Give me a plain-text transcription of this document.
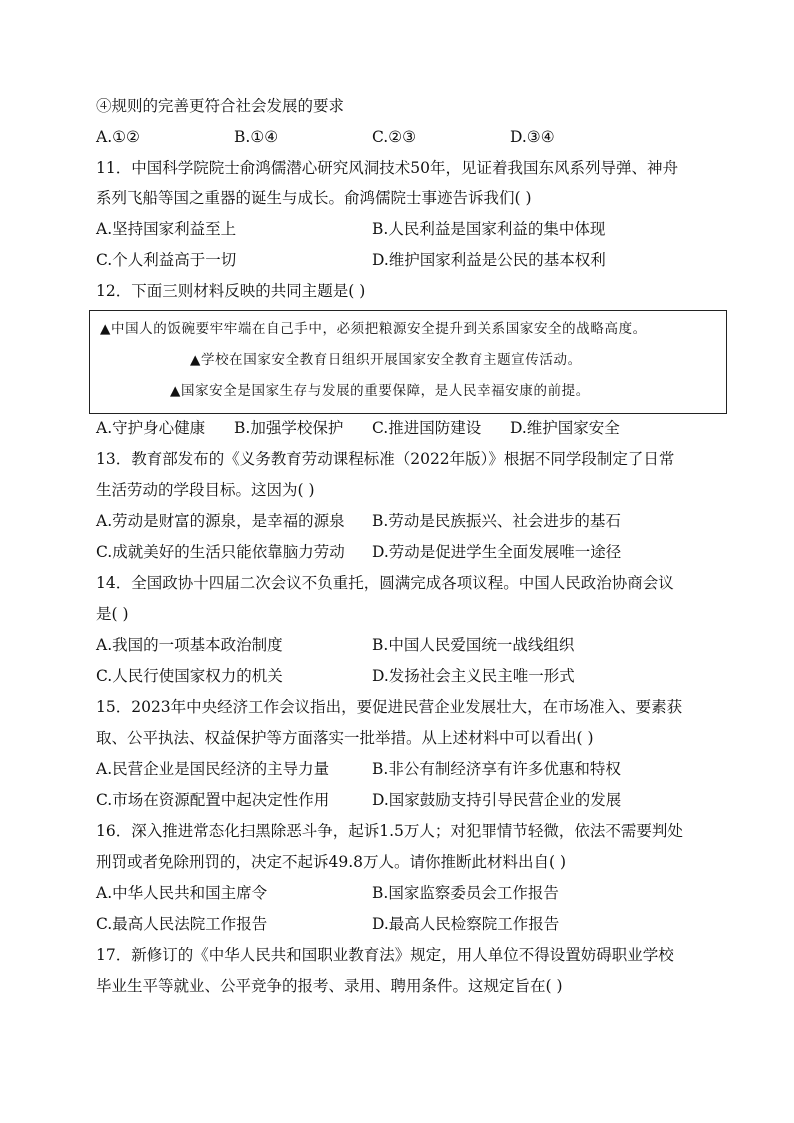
④规则的完善更符合社会发展的要求
A.①②	B.①④	C.②③	D.③④
11．中国科学院院士俞鸿儒潜心研究风洞技术50年，见证着我国东风系列导弹、神舟
系列飞船等国之重器的诞生与成长。俞鸿儒院士事迹告诉我们( )
A.坚持国家利益至上	B.人民利益是国家利益的集中体现
C.个人利益高于一切	D.维护国家利益是公民的基本权利
12．下面三则材料反映的共同主题是( )
▲中国人的饭碗要牢牢端在自己手中，必须把粮源安全提升到关系国家安全的战略高度。
▲学校在国家安全教育日组织开展国家安全教育主题宣传活动。
▲国家安全是国家生存与发展的重要保障，是人民幸福安康的前提。
A.守护身心健康 B.加强学校保护 C.推进国防建设 D.维护国家安全
13．教育部发布的《义务教育劳动课程标准（2022年版）》根据不同学段制定了日常
生活劳动的学段目标。这因为( )
A.劳动是财富的源泉，是幸福的源泉 B.劳动是民族振兴、社会进步的基石
C.成就美好的生活只能依靠脑力劳动 D.劳动是促进学生全面发展唯一途径
14．全国政协十四届二次会议不负重托，圆满完成各项议程。中国人民政治协商会议
是( )
A.我国的一项基本政治制度	B.中国人民爱国统一战线组织
C.人民行使国家权力的机关	D.发扬社会主义民主唯一形式
15．2023年中央经济工作会议指出，要促进民营企业发展壮大，在市场准入、要素获
取、公平执法、权益保护等方面落实一批举措。从上述材料中可以看出( )
A.民营企业是国民经济的主导力量	B.非公有制经济享有许多优惠和特权
C.市场在资源配置中起决定性作用	D.国家鼓励支持引导民营企业的发展
16．深入推进常态化扫黑除恶斗争，起诉1.5万人；对犯罪情节轻微，依法不需要判处
刑罚或者免除刑罚的，决定不起诉49.8万人。请你推断此材料出自( )
A.中华人民共和国主席令	B.国家监察委员会工作报告
C.最高人民法院工作报告	D.最高人民检察院工作报告
17．新修订的《中华人民共和国职业教育法》规定，用人单位不得设置妨碍职业学校
毕业生平等就业、公平竞争的报考、录用、聘用条件。这规定旨在( )
